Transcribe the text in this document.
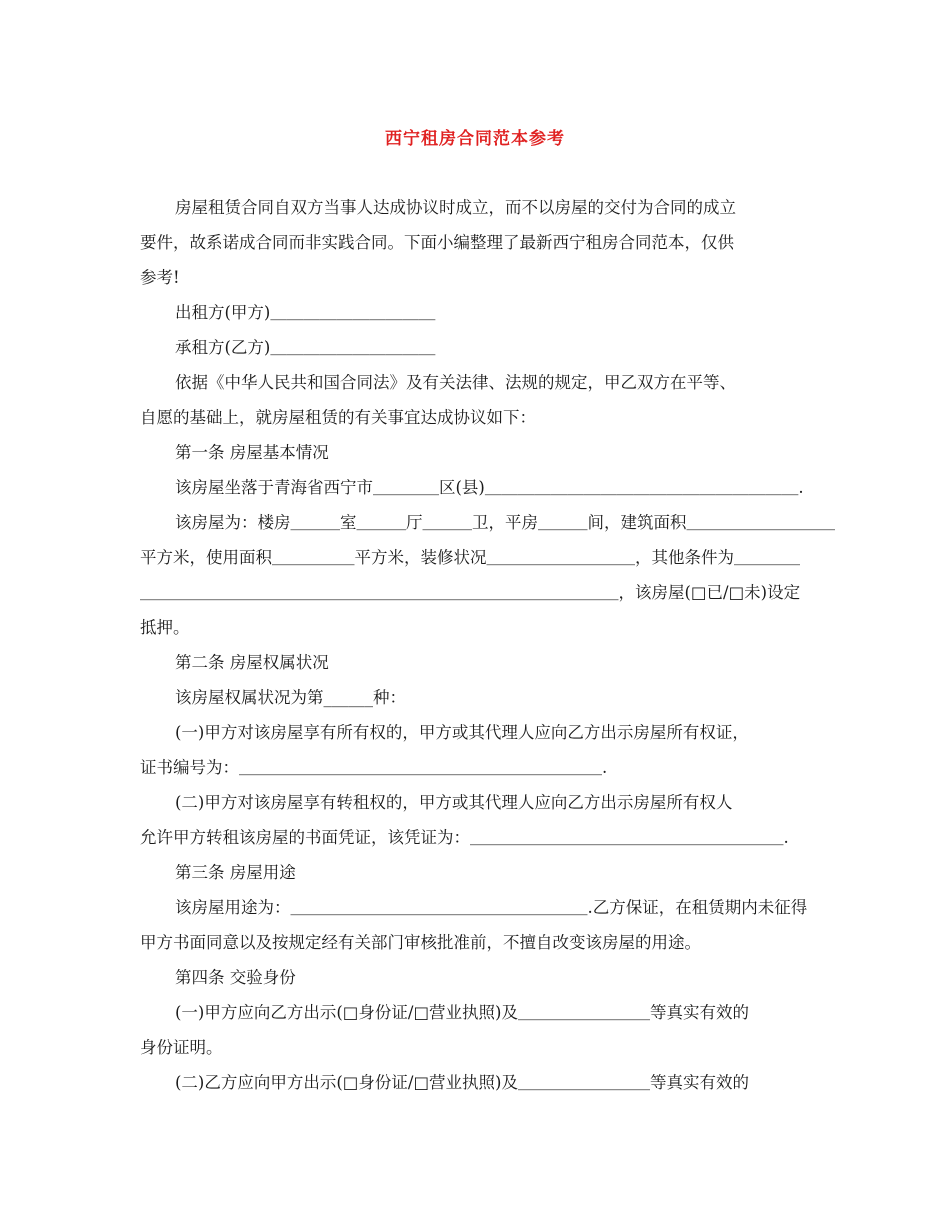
西宁租房合同范本参考
房屋租赁合同自双方当事人达成协议时成立，而不以房屋的交付为合同的成立
要件，故系诺成合同而非实践合同。下面小编整理了最新西宁租房合同范本，仅供
参考!
出租方(甲方)＿＿＿＿＿＿＿＿＿＿
承租方(乙方)＿＿＿＿＿＿＿＿＿＿
依据《中华人民共和国合同法》及有关法律、法规的规定，甲乙双方在平等、
自愿的基础上，就房屋租赁的有关事宜达成协议如下：
第一条 房屋基本情况
该房屋坐落于青海省西宁市＿＿＿＿区(县)＿＿＿＿＿＿＿＿＿＿＿＿＿＿＿＿＿＿＿.
该房屋为：楼房＿＿＿室＿＿＿厅＿＿＿卫，平房＿＿＿间，建筑面积＿＿＿＿＿＿＿＿＿
平方米，使用面积＿＿＿＿＿平方米，装修状况＿＿＿＿＿＿＿＿＿，其他条件为＿＿＿＿
＿＿＿＿＿＿＿＿＿＿＿＿＿＿＿＿＿＿＿＿＿＿＿＿＿＿＿＿＿，该房屋(□已/□未)设定
抵押。
第二条 房屋权属状况
该房屋权属状况为第______种：
(一)甲方对该房屋享有所有权的，甲方或其代理人应向乙方出示房屋所有权证，
证书编号为：＿＿＿＿＿＿＿＿＿＿＿＿＿＿＿＿＿＿＿＿＿＿.
(二)甲方对该房屋享有转租权的，甲方或其代理人应向乙方出示房屋所有权人
允许甲方转租该房屋的书面凭证，该凭证为：＿＿＿＿＿＿＿＿＿＿＿＿＿＿＿＿＿＿＿.
第三条 房屋用途
该房屋用途为：＿＿＿＿＿＿＿＿＿＿＿＿＿＿＿＿＿＿.乙方保证，在租赁期内未征得
甲方书面同意以及按规定经有关部门审核批准前，不擅自改变该房屋的用途。
第四条 交验身份
(一)甲方应向乙方出示(□身份证/□营业执照)及＿＿＿＿＿＿＿＿等真实有效的
身份证明。
(二)乙方应向甲方出示(□身份证/□营业执照)及＿＿＿＿＿＿＿＿等真实有效的
